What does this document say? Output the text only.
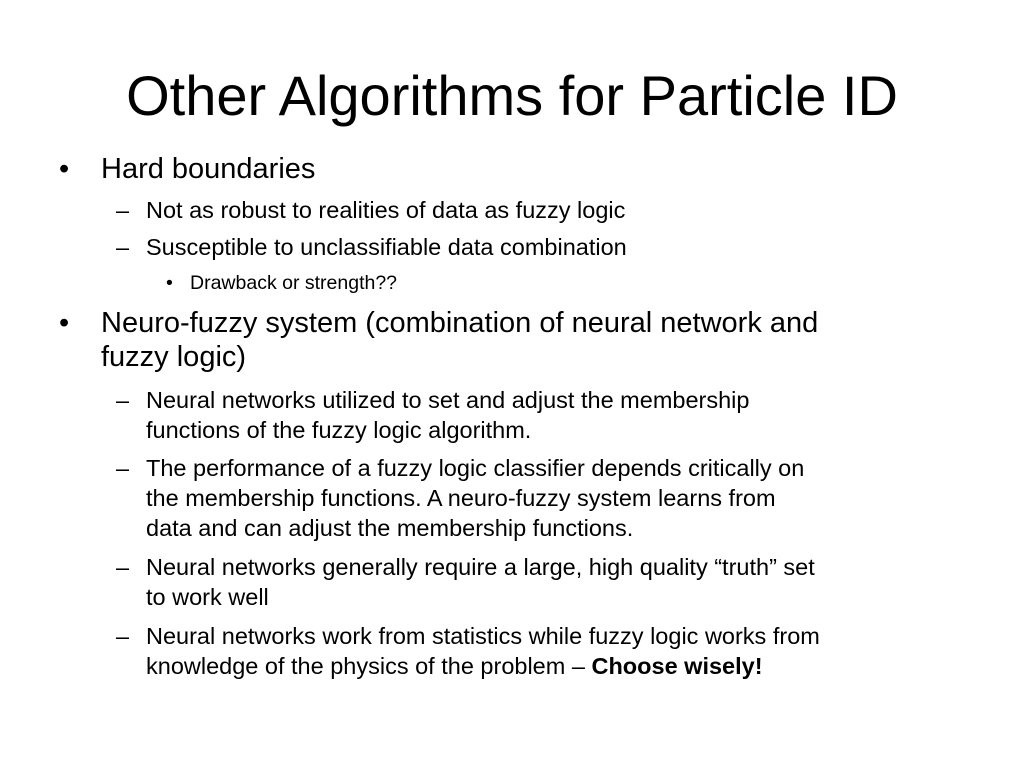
Other Algorithms for Particle ID
• Hard boundaries
– Not as robust to realities of data as fuzzy logic
– Susceptible to unclassifiable data combination
• Drawback or strength??
• Neuro-fuzzy system (combination of neural network and
fuzzy logic)
– Neural networks utilized to set and adjust the membership
functions of the fuzzy logic algorithm.
– The performance of a fuzzy logic classifier depends critically on
the membership functions. A neuro-fuzzy system learns from
data and can adjust the membership functions.
– Neural networks generally require a large, high quality “truth” set
to work well
– Neural networks work from statistics while fuzzy logic works from
knowledge of the physics of the problem – Choose wisely!
